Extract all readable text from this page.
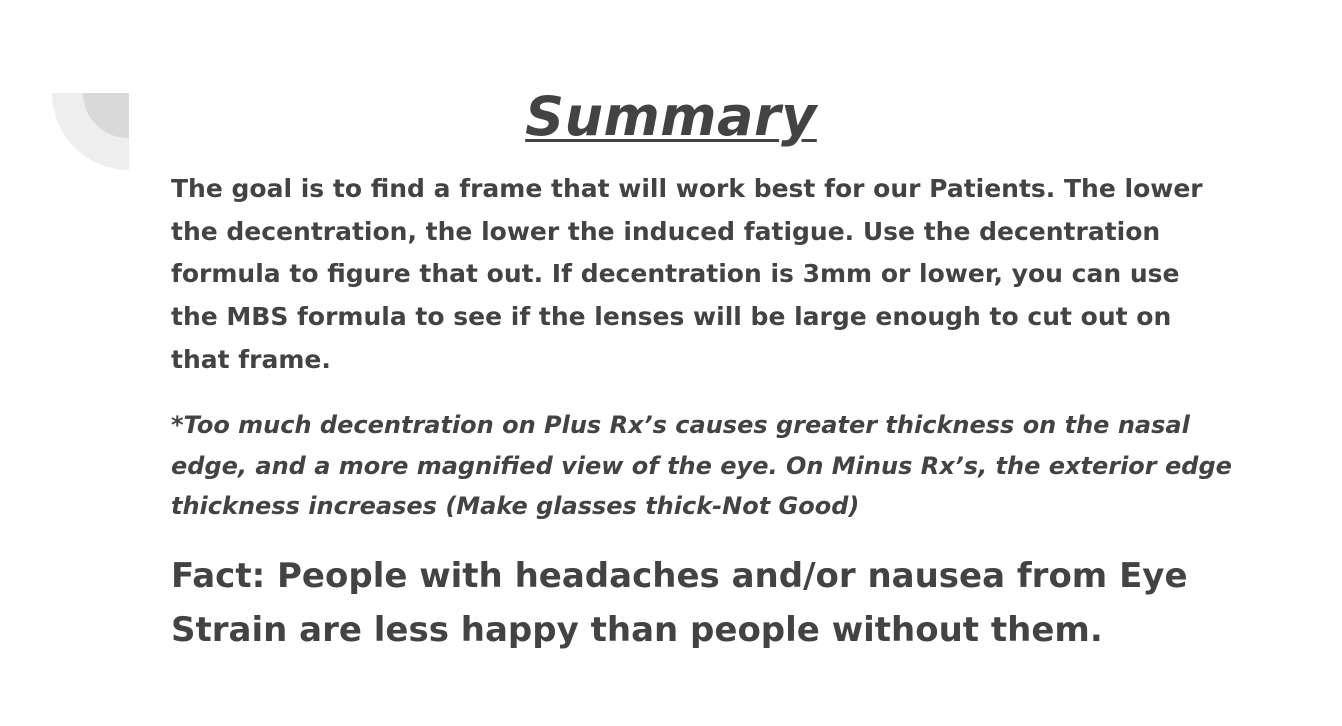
Summary

The goal is to find a frame that will work best for our Patients. The lower the decentration, the lower the induced fatigue. Use the decentration formula to figure that out. If decentration is 3mm or lower, you can use the MBS formula to see if the lenses will be large enough to cut out on that frame.

*Too much decentration on Plus Rx’s causes greater thickness on the nasal edge, and a more magnified view of the eye. On Minus Rx’s, the exterior edge thickness increases (Make glasses thick-Not Good)

Fact: People with headaches and/or nausea from Eye Strain are less happy than people without them.
